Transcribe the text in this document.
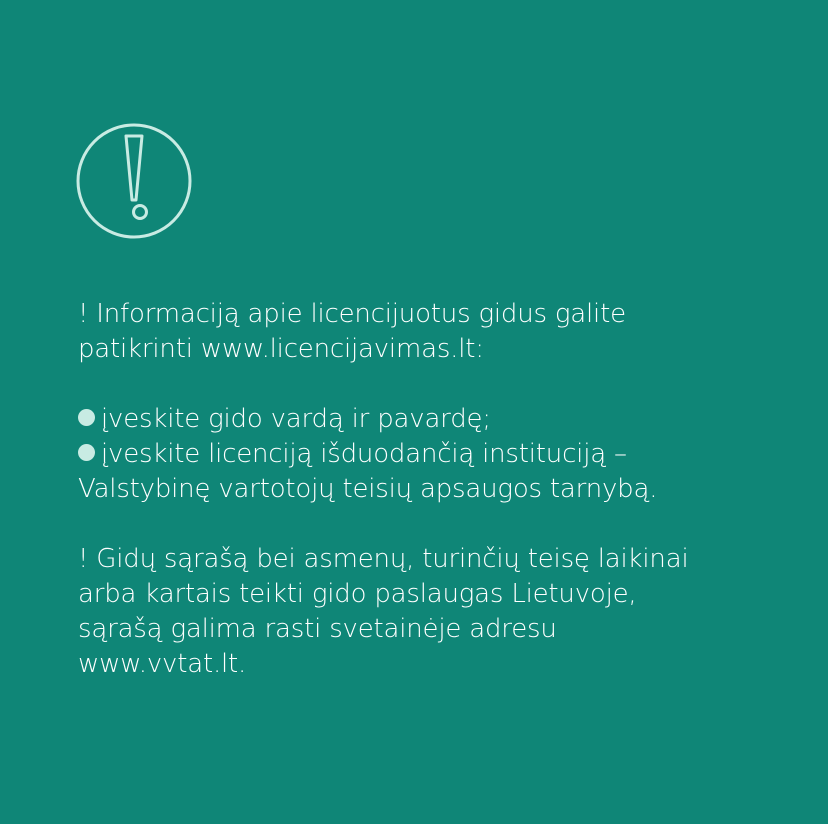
! Informaciją apie licencijuotus gidus galite
patikrinti www.licencijavimas.lt:

įveskite gido vardą ir pavardę;
įveskite licenciją išduodančią instituciją –
Valstybinę vartotojų teisių apsaugos tarnybą.

! Gidų sąrašą bei asmenų, turinčių teisę laikinai
arba kartais teikti gido paslaugas Lietuvoje,
sąrašą galima rasti svetainėje adresu
www.vvtat.lt.
